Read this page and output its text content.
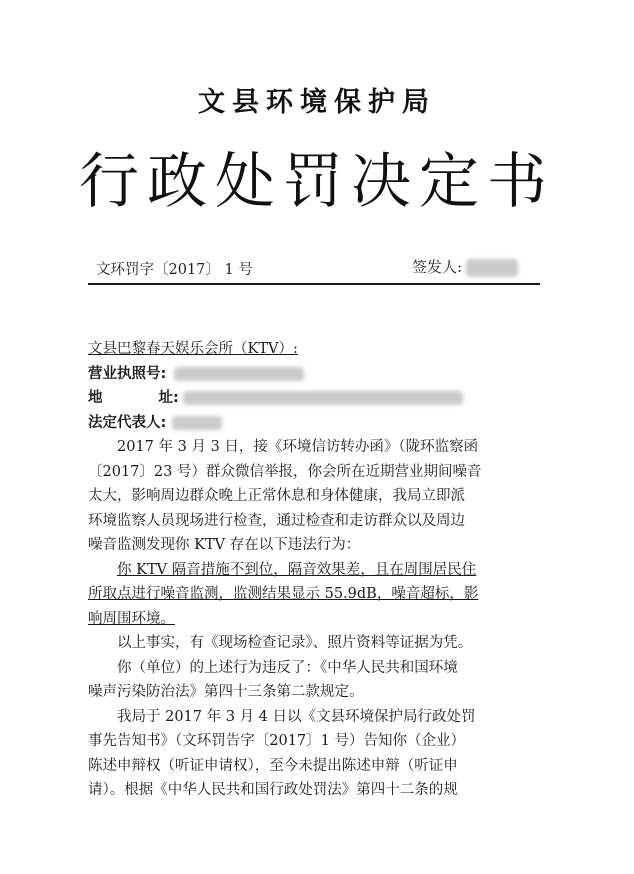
文县环境保护局
行政处罚决定书
文环罚字〔2017〕 1 号	签发人:
文县巴黎春天娱乐会所（KTV）:
营业执照号:
地址:
法定代表人:
2017 年 3 月 3 日，接《环境信访转办函》（陇环监察函
〔2017〕23 号）群众微信举报，你会所在近期营业期间噪音
太大，影响周边群众晚上正常休息和身体健康，我局立即派
环境监察人员现场进行检查，通过检查和走访群众以及周边
噪音监测发现你 KTV 存在以下违法行为：
你 KTV 隔音措施不到位，隔音效果差，且在周围居民住
所取点进行噪音监测，监测结果显示 55.9dB，噪音超标，影
响周围环境。
以上事实，有《现场检查记录》、照片资料等证据为凭。
你（单位）的上述行为违反了：《中华人民共和国环境
噪声污染防治法》第四十三条第二款规定。
我局于 2017 年 3 月 4 日以《文县环境保护局行政处罚
事先告知书》（文环罚告字〔2017〕1 号）告知你（企业）
陈述申辩权（听证申请权），至今未提出陈述申辩（听证申
请）。根据《中华人民共和国行政处罚法》第四十二条的规
